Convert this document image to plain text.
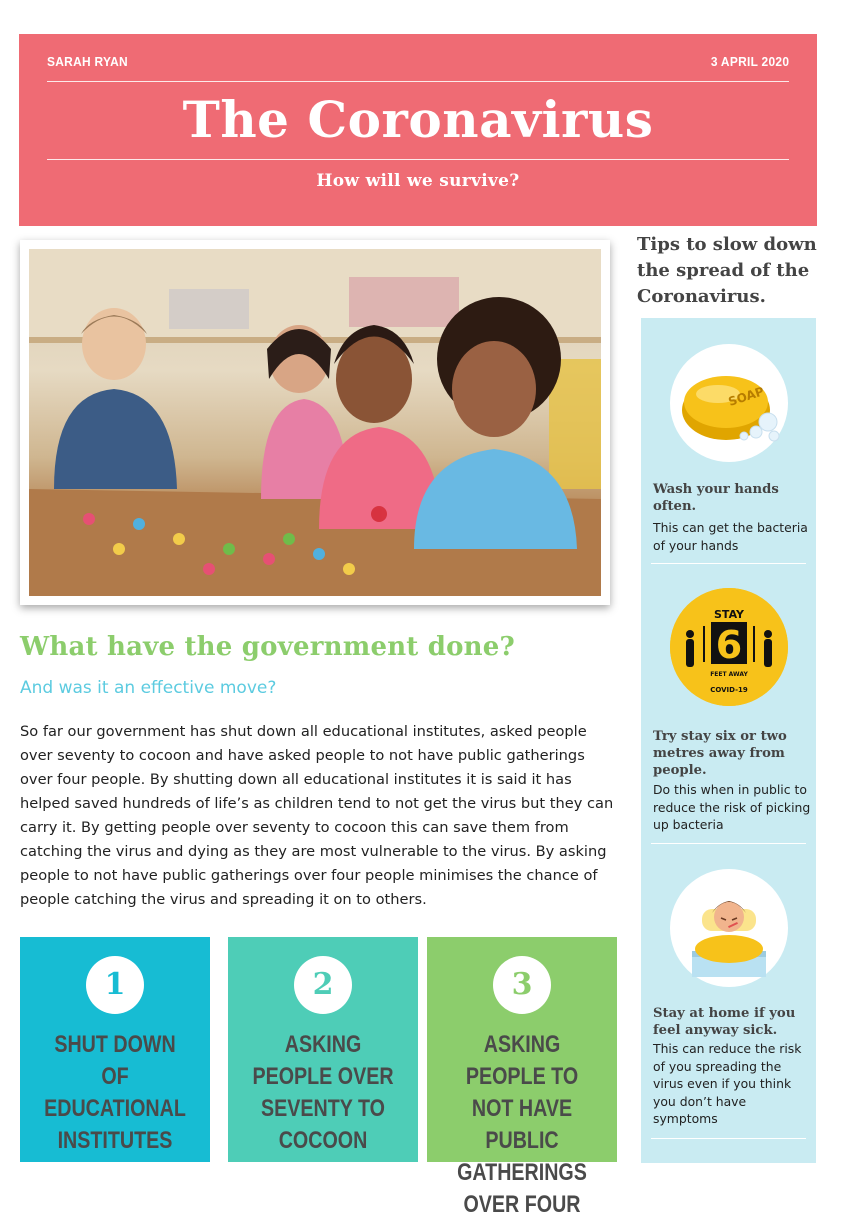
SARAH RYAN	3 APRIL 2020
The Coronavirus
How will we survive?
What have the government done?
And was it an effective move?

So far our government has shut down all educational institutes, asked people over seventy to cocoon and have asked people to not have public gatherings over four people. By shutting down all educational institutes it is said it has helped saved hundreds of life’s as children tend to not get the virus but they can carry it. By getting people over seventy to cocoon this can save them from catching the virus and dying as they are most vulnerable to the virus. By asking people to not have public gatherings over four people minimises the chance of people catching the virus and spreading it on to others.

1
SHUT DOWN OF EDUCATIONAL INSTITUTES
2
ASKING PEOPLE OVER SEVENTY TO COCOON
3
ASKING PEOPLE TO NOT HAVE PUBLIC GATHERINGS OVER FOUR
Tips to slow down the spread of the Coronavirus.
SOAP
Wash your hands often.
This can get the bacteria of your hands
STAY
6
FEET AWAY
COVID-19
Try stay six or two metres away from people.
Do this when in public to reduce the risk of picking up bacteria
Stay at home if you feel anyway sick.
This can reduce the risk of you spreading the virus even if you think you don’t have symptoms
